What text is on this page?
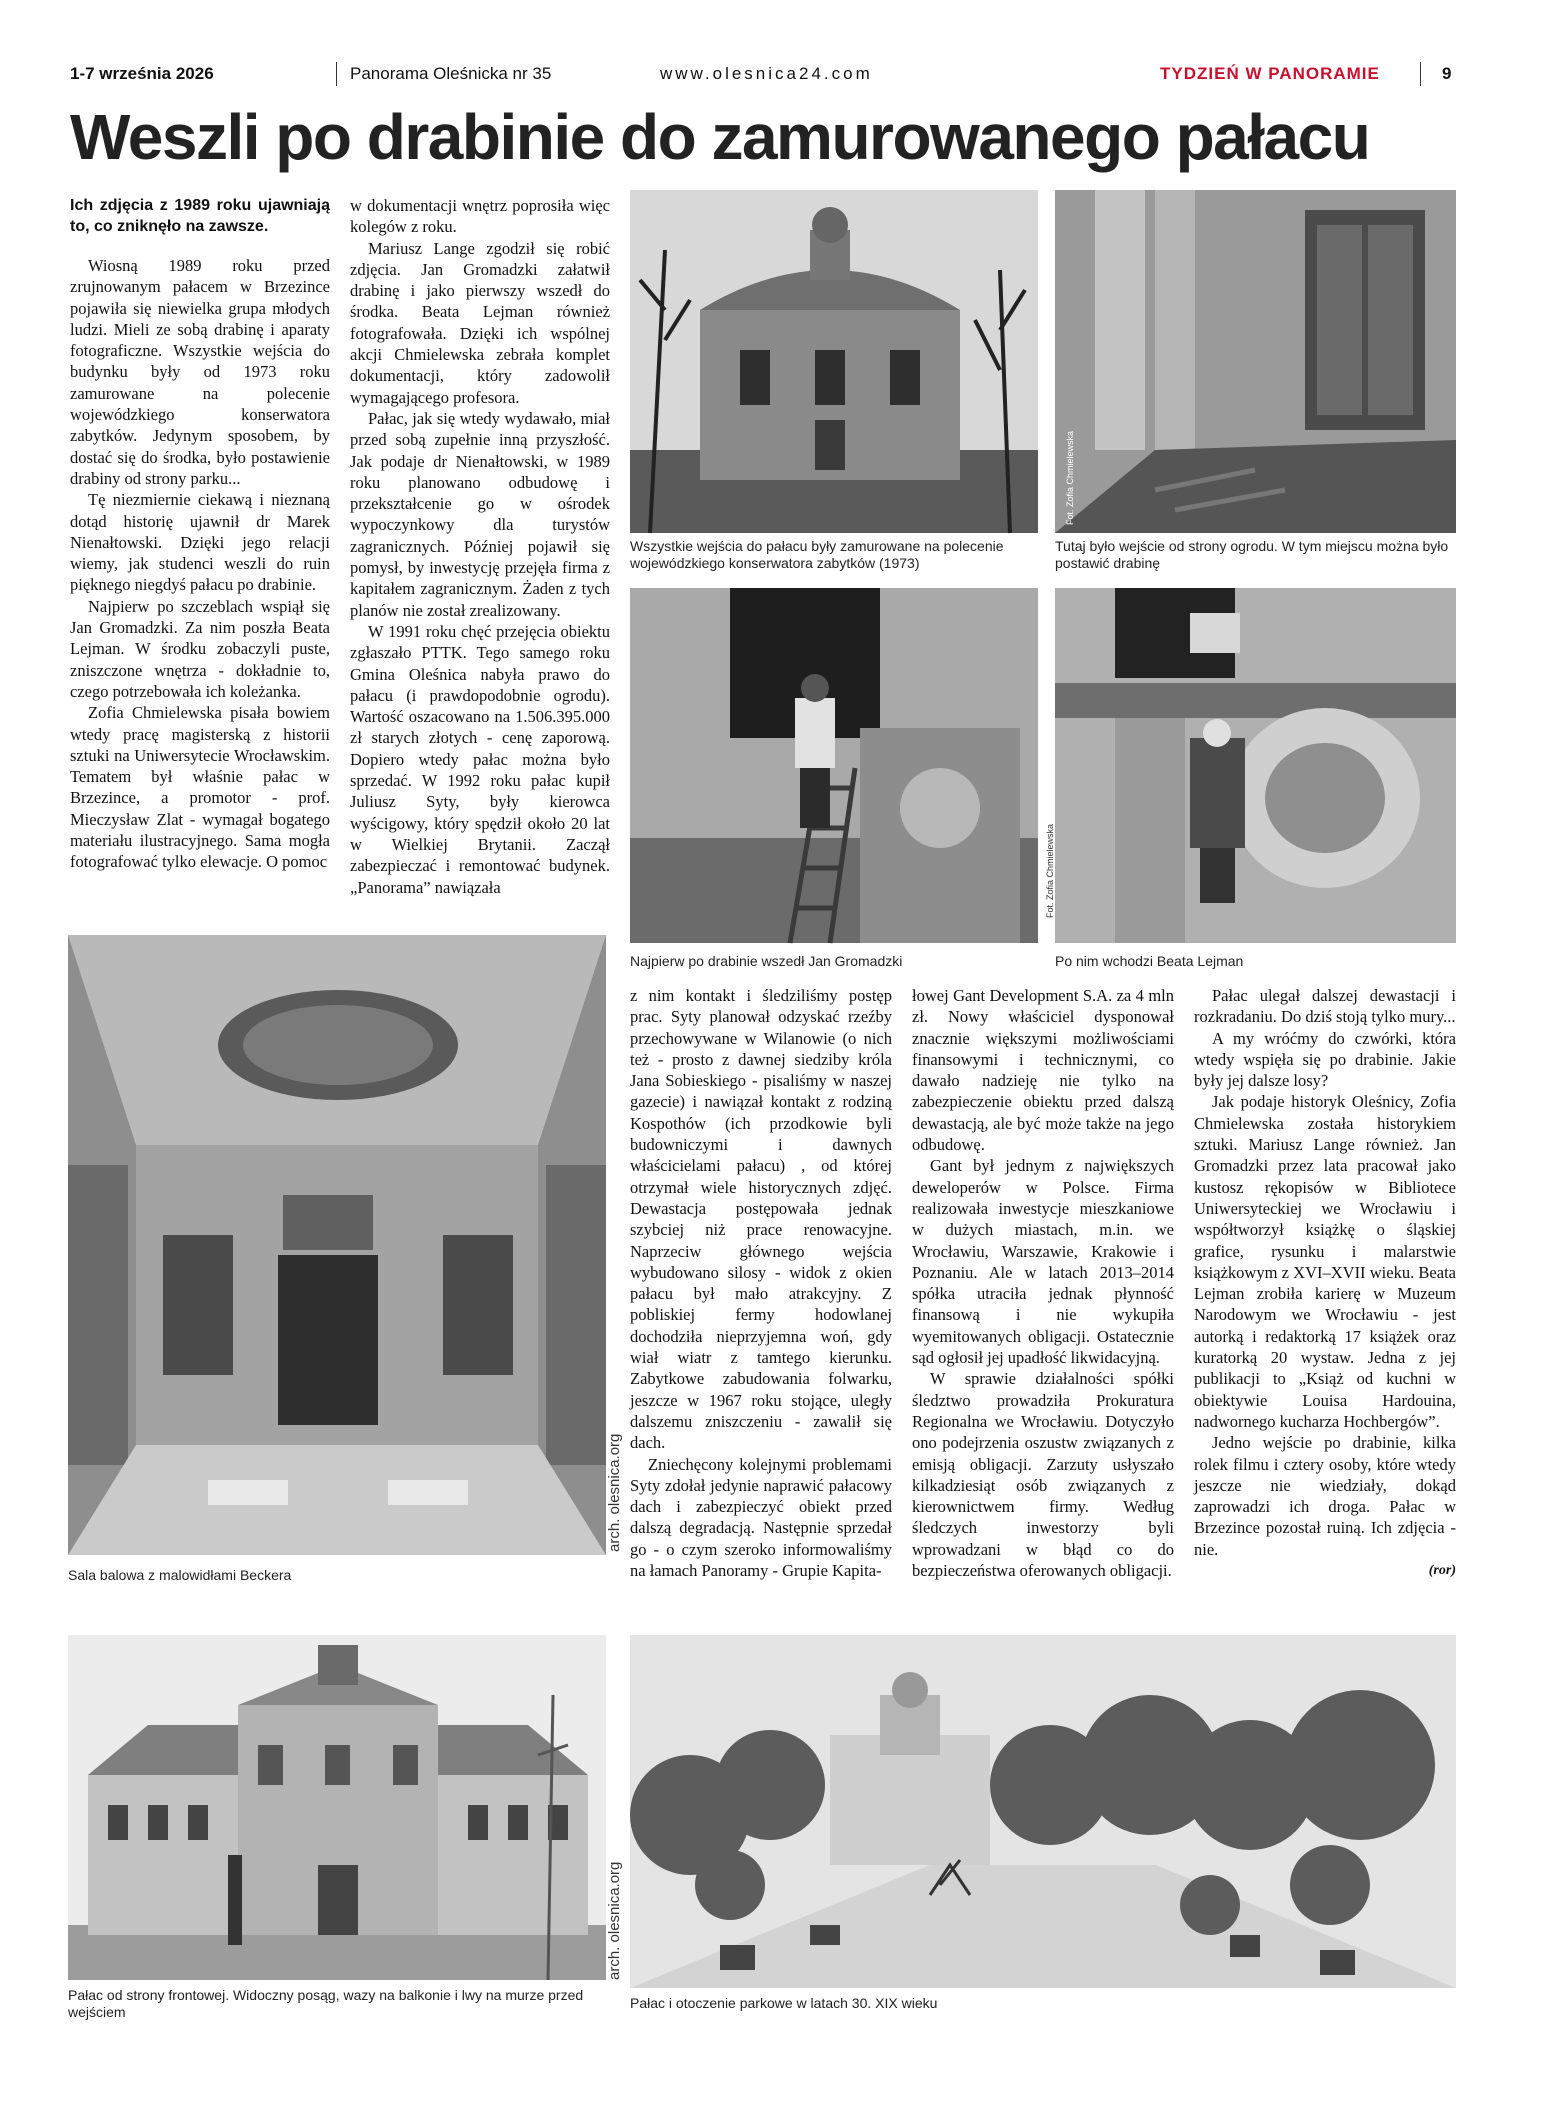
1-7 września 2026	Panorama Oleśnicka nr 35	www.olesnica24.com	TYDZIEŃ W PANORAMIE	9
Weszli po drabinie do zamurowanego pałacu

Ich zdjęcia z 1989 roku ujawniają to, co zniknęło na zawsze.

Wiosną 1989 roku przed zrujnowanym pałacem w Brzezince pojawiła się niewielka grupa młodych ludzi. Mieli ze sobą drabinę i aparaty fotograficzne. Wszystkie wejścia do budynku były od 1973 roku zamurowane na polecenie wojewódzkiego konserwatora zabytków. Jedynym sposobem, by dostać się do środka, było postawienie drabiny od strony parku...

Tę niezmiernie ciekawą i nieznaną dotąd historię ujawnił dr Marek Nienałtowski. Dzięki jego relacji wiemy, jak studenci weszli do ruin pięknego niegdyś pałacu po drabinie.

Najpierw po szczeblach wspiął się Jan Gromadzki. Za nim poszła Beata Lejman. W środku zobaczyli puste, zniszczone wnętrza - dokładnie to, czego potrzebowała ich koleżanka.

Zofia Chmielewska pisała bowiem wtedy pracę magisterską z historii sztuki na Uniwersytecie Wrocławskim. Tematem był właśnie pałac w Brzezince, a promotor - prof. Mieczysław Zlat - wymagał bogatego materiału ilustracyjnego. Sama mogła fotografować tylko elewacje. O pomoc

w dokumentacji wnętrz poprosiła więc kolegów z roku.

Mariusz Lange zgodził się robić zdjęcia. Jan Gromadzki załatwił drabinę i jako pierwszy wszedł do środka. Beata Lejman również fotografowała. Dzięki ich wspólnej akcji Chmielewska zebrała komplet dokumentacji, który zadowolił wymagającego profesora.

Pałac, jak się wtedy wydawało, miał przed sobą zupełnie inną przyszłość. Jak podaje dr Nienałtowski, w 1989 roku planowano odbudowę i przekształcenie go w ośrodek wypoczynkowy dla turystów zagranicznych. Później pojawił się pomysł, by inwestycję przejęła firma z kapitałem zagranicznym. Żaden z tych planów nie został zrealizowany.

W 1991 roku chęć przejęcia obiektu zgłaszało PTTK. Tego samego roku Gmina Oleśnica nabyła prawo do pałacu (i prawdopodobnie ogrodu). Wartość oszacowano na 1.506.395.000 zł starych złotych - cenę zaporową. Dopiero wtedy pałac można było sprzedać. W 1992 roku pałac kupił Juliusz Syty, były kierowca wyścigowy, który spędził około 20 lat w Wielkiej Brytanii. Zaczął zabezpieczać i remontować budynek. „Panorama” nawiązała

Wszystkie wejścia do pałacu były zamurowane na polecenie wojewódzkiego konserwatora zabytków (1973)
Fot. Zofia Chmielewska
Tutaj było wejście od strony ogrodu. W tym miejscu można było postawić drabinę
Najpierw po drabinie wszedł Jan Gromadzki
Fot. Zofia Chmielewska
Po nim wchodzi Beata Lejman
arch. olesnica.org
Sala balowa z malowidłami Beckera

z nim kontakt i śledziliśmy postęp prac. Syty planował odzyskać rzeźby przechowywane w Wilanowie (o nich też - prosto z dawnej siedziby króla Jana Sobieskiego - pisaliśmy w naszej gazecie) i nawiązał kontakt z rodziną Kospothów (ich przodkowie byli budowniczymi i dawnych właścicielami pałacu) , od której otrzymał wiele historycznych zdjęć. Dewastacja postępowała jednak szybciej niż prace renowacyjne. Naprzeciw głównego wejścia wybudowano silosy - widok z okien pałacu był mało atrakcyjny. Z pobliskiej fermy hodowlanej dochodziła nieprzyjemna woń, gdy wiał wiatr z tamtego kierunku. Zabytkowe zabudowania folwarku, jeszcze w 1967 roku stojące, uległy dalszemu zniszczeniu - zawalił się dach.

Zniechęcony kolejnymi problemami Syty zdołał jedynie naprawić pałacowy dach i zabezpieczyć obiekt przed dalszą degradacją. Następnie sprzedał go - o czym szeroko informowaliśmy na łamach Panoramy - Grupie Kapita-

łowej Gant Development S.A. za 4 mln zł. Nowy właściciel dysponował znacznie większymi możliwościami finansowymi i technicznymi, co dawało nadzieję nie tylko na zabezpieczenie obiektu przed dalszą dewastacją, ale być może także na jego odbudowę.

Gant był jednym z największych deweloperów w Polsce. Firma realizowała inwestycje mieszkaniowe w dużych miastach, m.in. we Wrocławiu, Warszawie, Krakowie i Poznaniu. Ale w latach 2013–2014 spółka utraciła jednak płynność finansową i nie wykupiła wyemitowanych obligacji. Ostatecznie sąd ogłosił jej upadłość likwidacyjną.

W sprawie działalności spółki śledztwo prowadziła Prokuratura Regionalna we Wrocławiu. Dotyczyło ono podejrzenia oszustw związanych z emisją obligacji. Zarzuty usłyszało kilkadziesiąt osób związanych z kierownictwem firmy. Według śledczych inwestorzy byli wprowadzani w błąd co do bezpieczeństwa oferowanych obligacji.

Pałac ulegał dalszej dewastacji i rozkradaniu. Do dziś stoją tylko mury...

A my wróćmy do czwórki, która wtedy wspięła się po drabinie. Jakie były jej dalsze losy?

Jak podaje historyk Oleśnicy, Zofia Chmielewska została historykiem sztuki. Mariusz Lange również. Jan Gromadzki przez lata pracował jako kustosz rękopisów w Bibliotece Uniwersyteckiej we Wrocławiu i współtworzył książkę o śląskiej grafice, rysunku i malarstwie książkowym z XVI–XVII wieku. Beata Lejman zrobiła karierę w Muzeum Narodowym we Wrocławiu - jest autorką i redaktorką 17 książek oraz kuratorką 20 wystaw. Jedna z jej publikacji to „Książ od kuchni w obiektywie Louisa Hardouina, nadwornego kucharza Hochbergów”.

Jedno wejście po drabinie, kilka rolek filmu i cztery osoby, które wtedy jeszcze nie wiedziały, dokąd zaprowadzi ich droga. Pałac w Brzezince pozostał ruiną. Ich zdjęcia - nie.

(ror)

arch. olesnica.org
Pałac od strony frontowej. Widoczny posąg, wazy na balkonie i lwy na murze przed wejściem
Pałac i otoczenie parkowe w latach 30. XIX wieku
